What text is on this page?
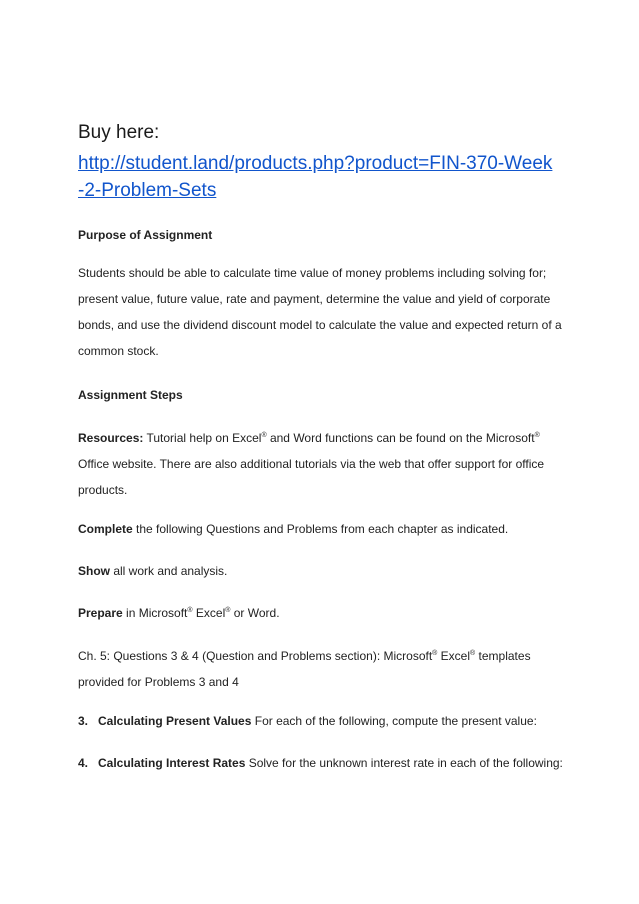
Buy here:
http://student.land/products.php?product=FIN-370-Week
-2-Problem-Sets
Purpose of Assignment
Students should be able to calculate time value of money problems including solving for;
present value, future value, rate and payment, determine the value and yield of corporate
bonds, and use the dividend discount model to calculate the value and expected return of a
common stock.
Assignment Steps
Resources: Tutorial help on Excel® and Word functions can be found on the Microsoft®
Office website. There are also additional tutorials via the web that offer support for office
products.
Complete the following Questions and Problems from each chapter as indicated.
Show all work and analysis.
Prepare in Microsoft® Excel® or Word.
Ch. 5: Questions 3 & 4 (Question and Problems section): Microsoft® Excel® templates
provided for Problems 3 and 4
3. Calculating Present Values For each of the following, compute the present value:
4. Calculating Interest Rates Solve for the unknown interest rate in each of the following:
